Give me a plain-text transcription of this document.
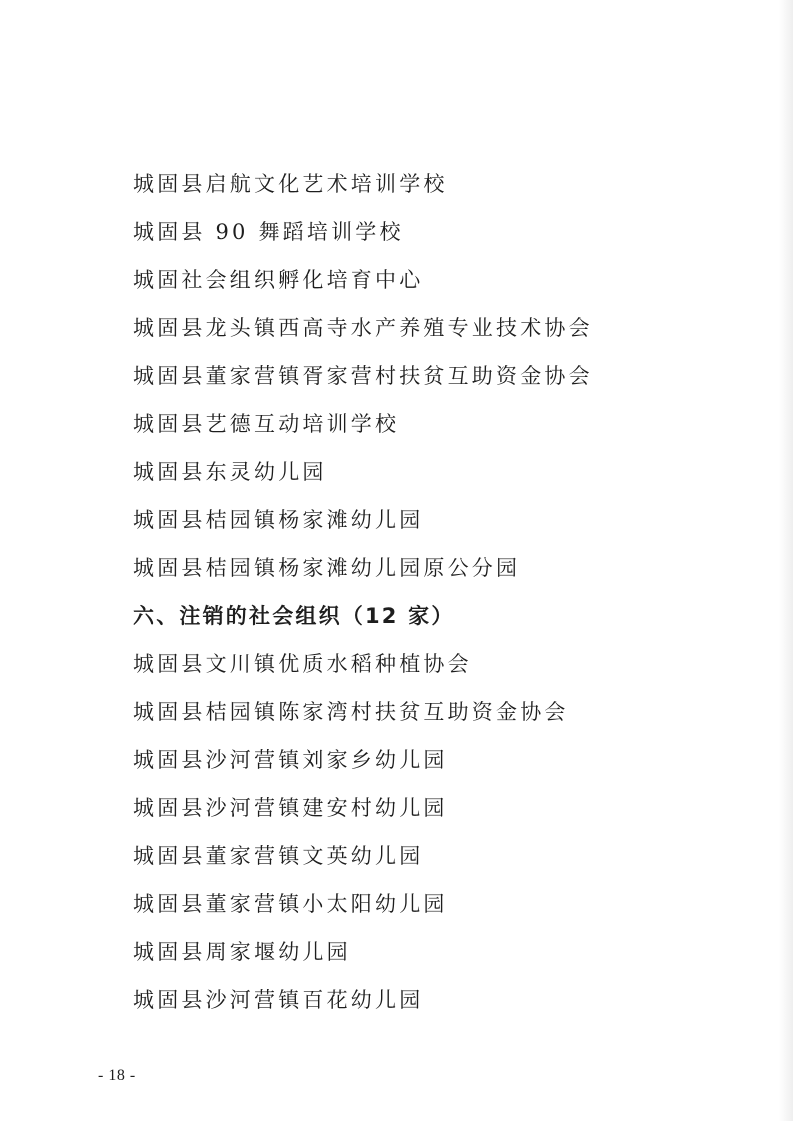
城固县启航文化艺术培训学校
城固县 90 舞蹈培训学校
城固社会组织孵化培育中心
城固县龙头镇西高寺水产养殖专业技术协会
城固县董家营镇胥家营村扶贫互助资金协会
城固县艺德互动培训学校
城固县东灵幼儿园
城固县桔园镇杨家滩幼儿园
城固县桔园镇杨家滩幼儿园原公分园
六、注销的社会组织（12 家）
城固县文川镇优质水稻种植协会
城固县桔园镇陈家湾村扶贫互助资金协会
城固县沙河营镇刘家乡幼儿园
城固县沙河营镇建安村幼儿园
城固县董家营镇文英幼儿园
城固县董家营镇小太阳幼儿园
城固县周家堰幼儿园
城固县沙河营镇百花幼儿园
- 18 -
